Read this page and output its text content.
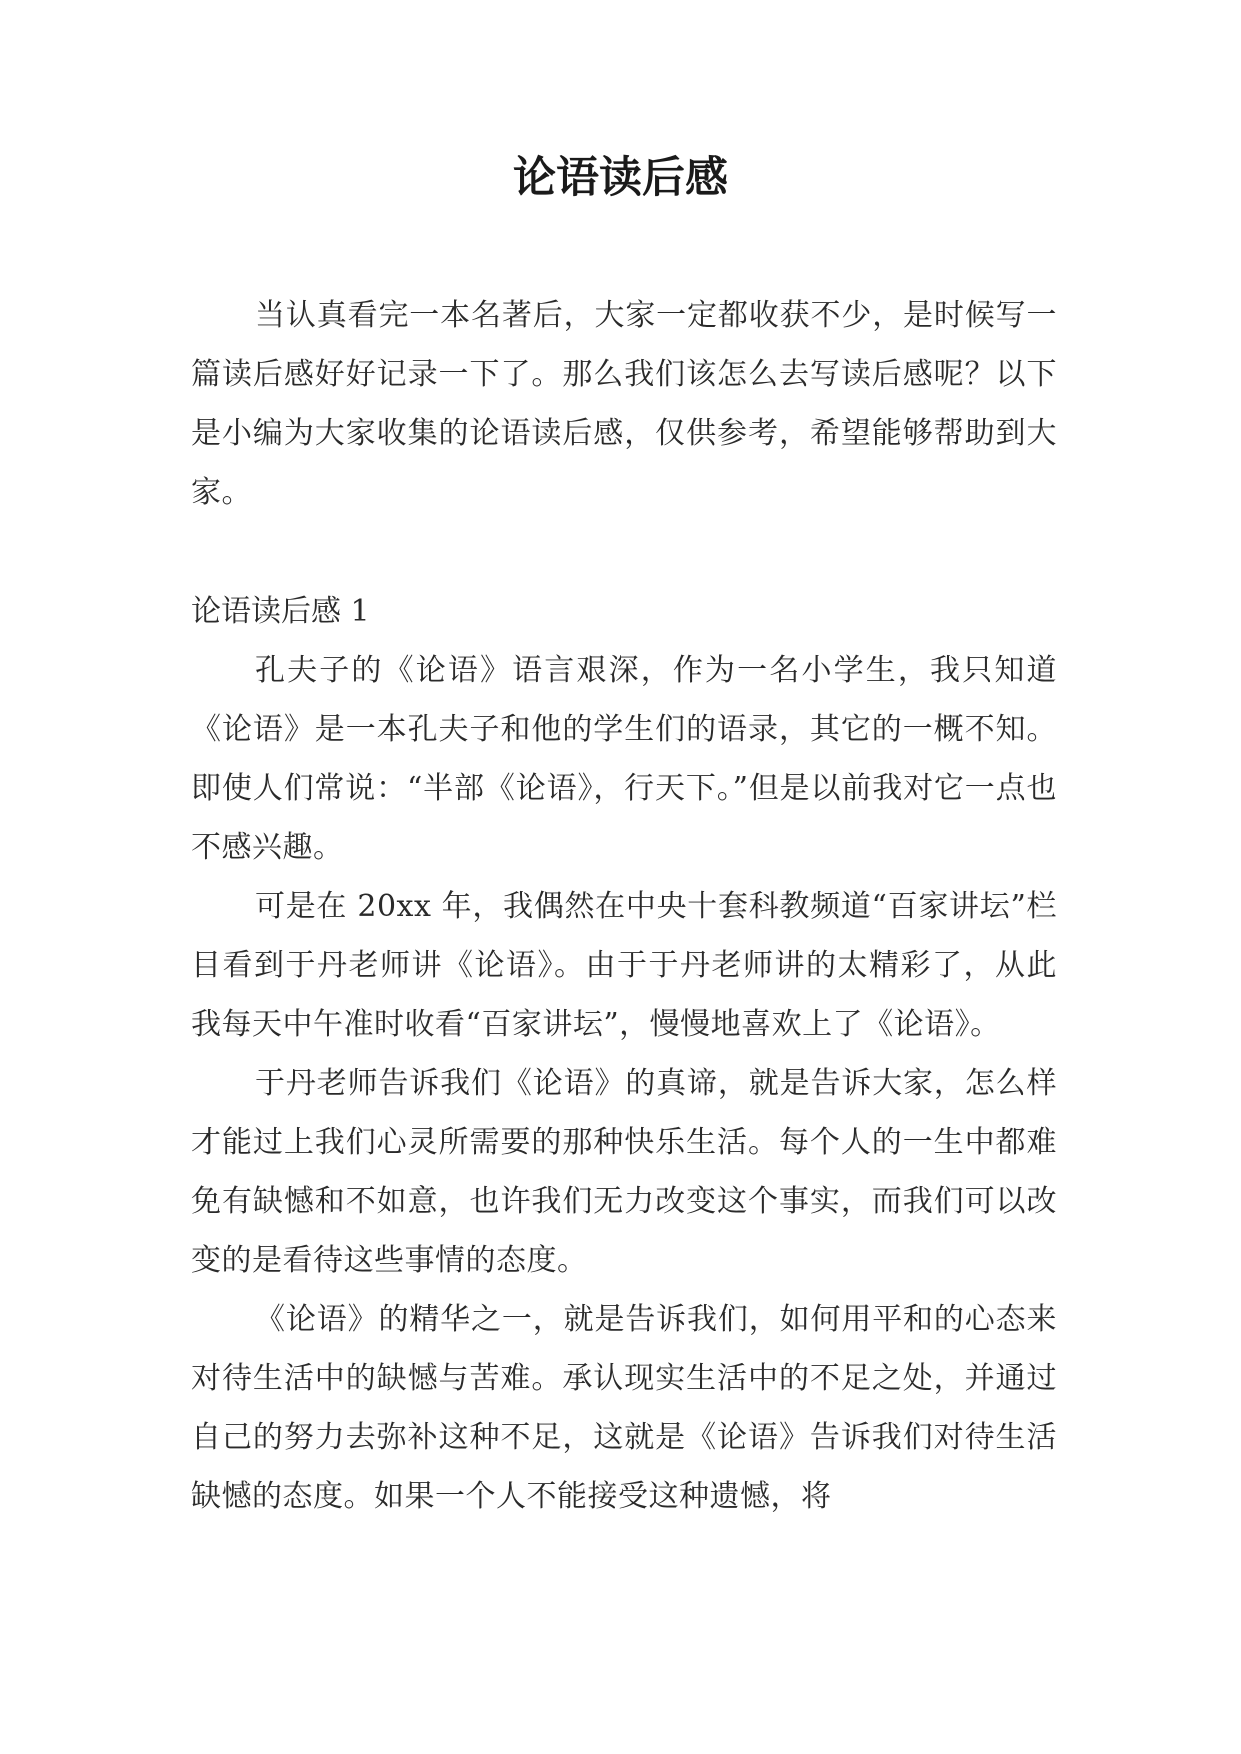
论语读后感

当认真看完一本名著后，大家一定都收获不少，是时候写一篇读后感好好记录一下了。那么我们该怎么去写读后感呢？以下是小编为大家收集的论语读后感，仅供参考，希望能够帮助到大家。

论语读后感 1

孔夫子的《论语》语言艰深，作为一名小学生，我只知道《论语》是一本孔夫子和他的学生们的语录，其它的一概不知。即使人们常说：“半部《论语》，行天下。”但是以前我对它一点也不感兴趣。

可是在 20xx 年，我偶然在中央十套科教频道“百家讲坛”栏目看到于丹老师讲《论语》。由于于丹老师讲的太精彩了，从此我每天中午准时收看“百家讲坛”，慢慢地喜欢上了《论语》。

于丹老师告诉我们《论语》的真谛，就是告诉大家，怎么样才能过上我们心灵所需要的那种快乐生活。每个人的一生中都难免有缺憾和不如意，也许我们无力改变这个事实，而我们可以改变的是看待这些事情的态度。

《论语》的精华之一，就是告诉我们，如何用平和的心态来对待生活中的缺憾与苦难。承认现实生活中的不足之处，并通过自己的努力去弥补这种不足，这就是《论语》告诉我们对待生活缺憾的态度。如果一个人不能接受这种遗憾，将
